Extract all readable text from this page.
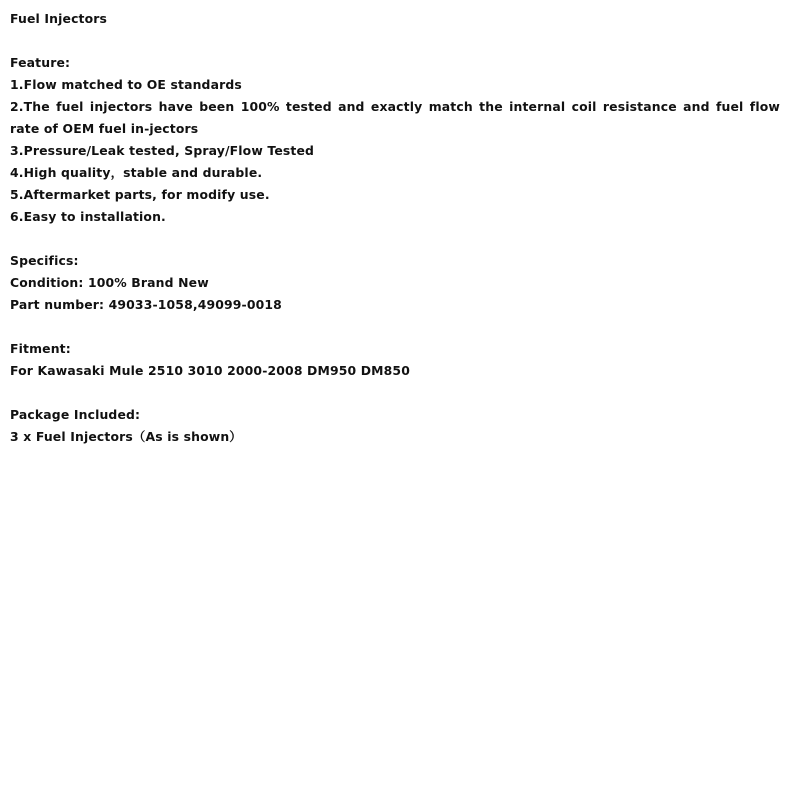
Fuel Injectors
Feature:
1.Flow matched to OE standards
2.The fuel injectors have been 100% tested and exactly match the internal coil resistance and fuel flow rate of OEM fuel in-jectors
3.Pressure/Leak tested, Spray/Flow Tested
4.High quality，stable and durable.
5.Aftermarket parts, for modify use.
6.Easy to installation.
Specifics:
Condition: 100% Brand New
Part number: 49033-1058,49099-0018
Fitment:
For Kawasaki Mule 2510 3010 2000-2008 DM950 DM850
Package Included:
3 x Fuel Injectors（As is shown）
